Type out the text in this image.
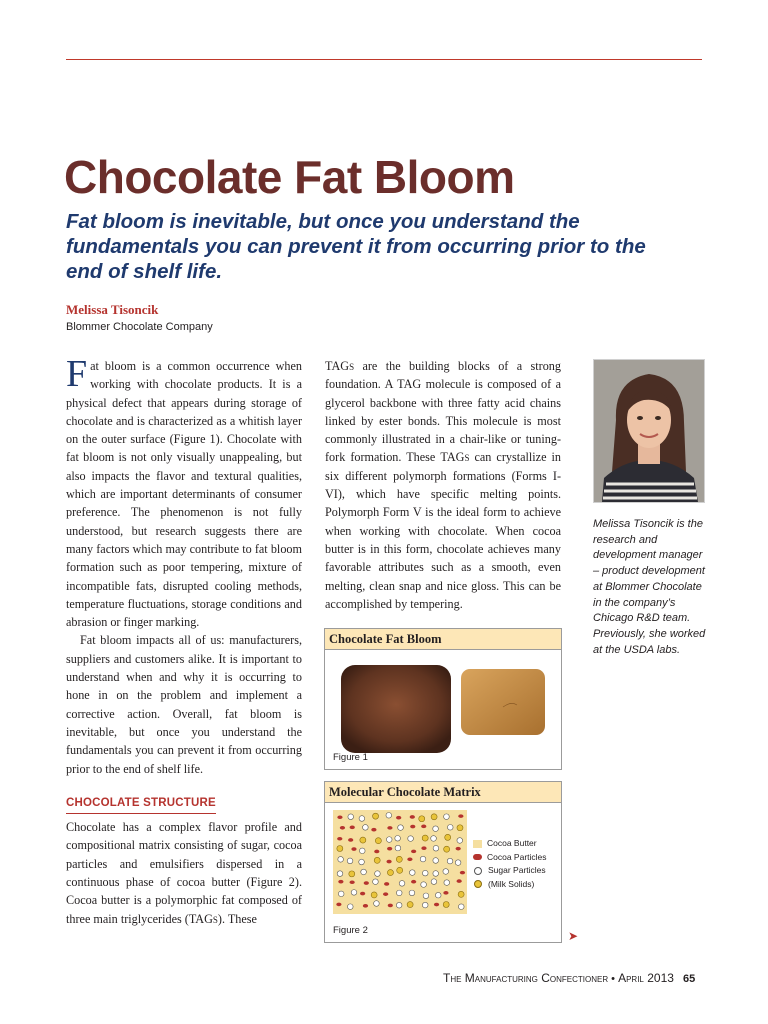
Chocolate Fat Bloom

Fat bloom is inevitable, but once you understand the fundamentals you can prevent it from occurring prior to the end of shelf life.

Melissa Tisoncik
Blommer Chocolate Company

Fat bloom is a common occurrence when working with chocolate products. It is a physical defect that appears during storage of chocolate and is characterized as a whitish layer on the outer surface (Figure 1). Chocolate with fat bloom is not only visually unappealing, but also impacts the flavor and textural qualities, which are important determinants of consumer preference. The phenomenon is not fully understood, but research suggests there are many factors which may contribute to fat bloom formation such as poor tempering, mixture of incompatible fats, disrupted cooling methods, temperature fluctuations, storage conditions and abrasion or finger marking.

Fat bloom impacts all of us: manufacturers, suppliers and customers alike. It is important to understand when and why it is occurring to hone in on the problem and implement a corrective action. Overall, fat bloom is inevitable, but once you understand the fundamentals you can prevent it from occurring prior to the end of shelf life.

CHOCOLATE STRUCTURE

Chocolate has a complex flavor profile and compositional matrix consisting of sugar, cocoa particles and emulsifiers dispersed in a continuous phase of cocoa butter (Figure 2). Cocoa butter is a polymorphic fat composed of three main triglycerides (TAGs). These

TAGs are the building blocks of a strong foundation. A TAG molecule is composed of a glycerol backbone with three fatty acid chains linked by ester bonds. This molecule is most commonly illustrated in a chair-like or tuning-fork formation. These TAGs can crystallize in six different polymorph formations (Forms I-VI), which have specific melting points. Polymorph Form V is the ideal form to achieve when working with chocolate. When cocoa butter is in this form, chocolate achieves many favorable attributes such as a smooth, even melting, clean snap and nice gloss. This can be accomplished by tempering.

Melissa Tisoncik is the research and development manager – product development at Blommer Chocolate in the company’s Chicago R&D team. Previously, she worked at the USDA labs.
Chocolate Fat Bloom
Figure 1
Molecular Chocolate Matrix
Cocoa Butter
Cocoa Particles
Sugar Particles
(Milk Solids)
Figure 2	➤
The Manufacturing Confectioner • April 2013 65
